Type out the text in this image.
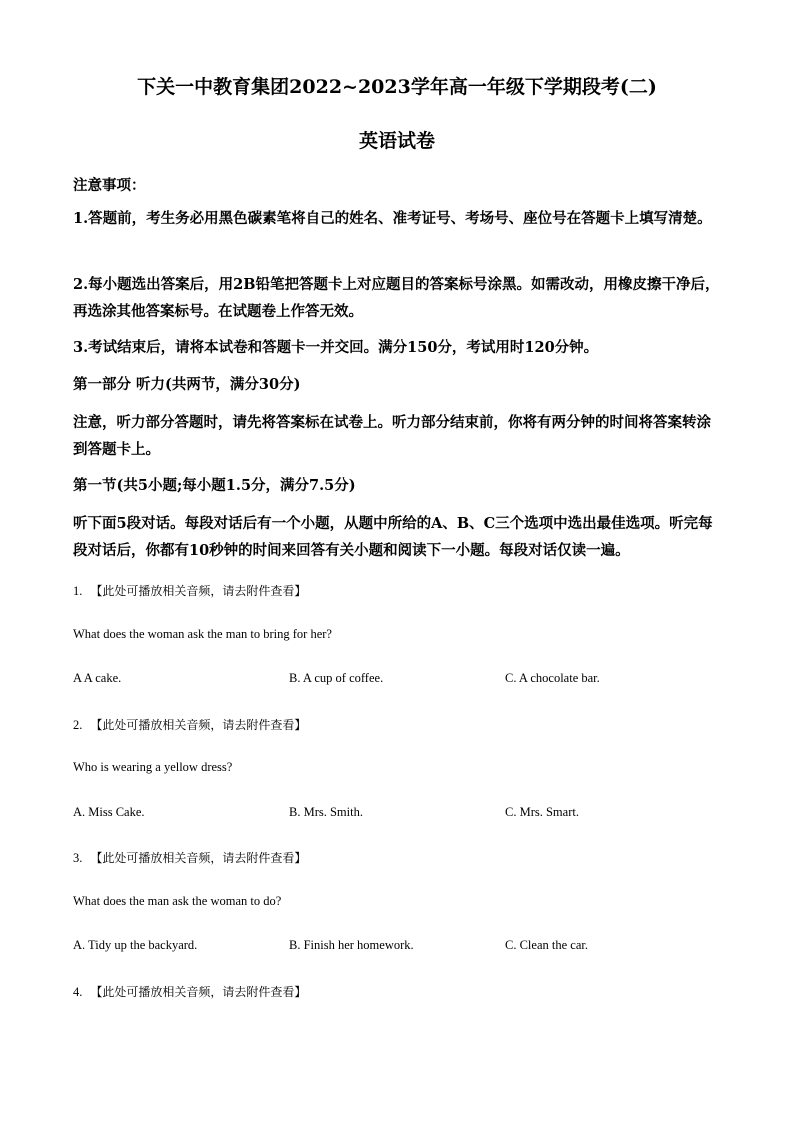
下关一中教育集团2022~2023学年高一年级下学期段考(二)
英语试卷
注意事项：
1.答题前，考生务必用黑色碳素笔将自己的姓名、准考证号、考场号、座位号在答题卡上填写清楚。
2.每小题选出答案后，用2B铅笔把答题卡上对应题目的答案标号涂黑。如需改动，用橡皮擦干净后，再选涂其他答案标号。在试题卷上作答无效。
3.考试结束后，请将本试卷和答题卡一并交回。满分150分，考试用时120分钟。
第一部分 听力(共两节，满分30分)
注意，听力部分答题时，请先将答案标在试卷上。听力部分结束前，你将有两分钟的时间将答案转涂到答题卡上。
第一节(共5小题;每小题1.5分，满分7.5分)
听下面5段对话。每段对话后有一个小题，从题中所给的A、B、C三个选项中选出最佳选项。听完每段对话后，你都有10秒钟的时间来回答有关小题和阅读下一小题。每段对话仅读一遍。
1. 【此处可播放相关音频，请去附件查看】
What does the woman ask the man to bring for her?
A A cake.	B. A cup of coffee.	C. A chocolate bar.
2. 【此处可播放相关音频，请去附件查看】
Who is wearing a yellow dress?
A. Miss Cake.	B. Mrs. Smith.	C. Mrs. Smart.
3. 【此处可播放相关音频，请去附件查看】
What does the man ask the woman to do?
A. Tidy up the backyard.	B. Finish her homework.	C. Clean the car.
4. 【此处可播放相关音频，请去附件查看】
